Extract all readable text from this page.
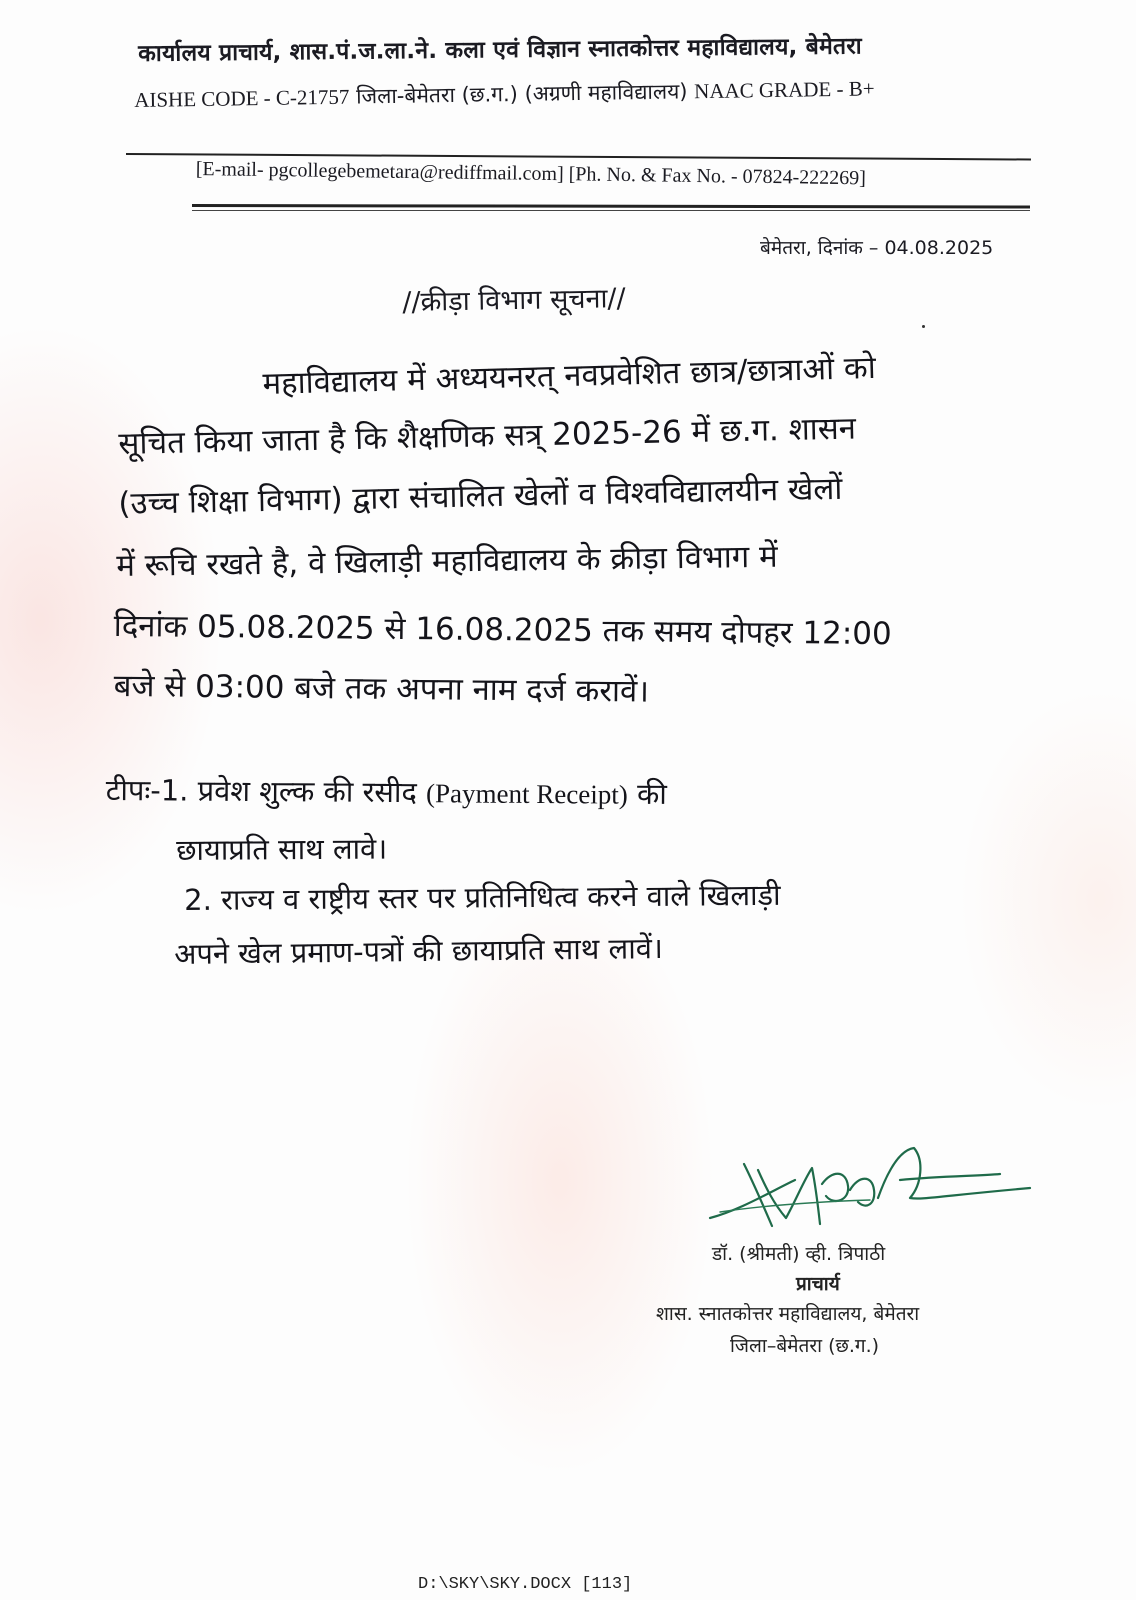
कार्यालय प्राचार्य, शास.पं.ज.ला.ने. कला एवं विज्ञान स्नातकोत्तर महाविद्यालय, बेमेतरा
AISHE CODE - C-21757 जिला-बेमेतरा (छ.ग.) (अग्रणी महाविद्यालय) NAAC GRADE - B+
[E-mail- pgcollegebemetara@rediffmail.com] [Ph. No. & Fax No. - 07824-222269]
बेमेतरा, दिनांक – 04.08.2025
//क्रीड़ा विभाग सूचना//
महाविद्यालय में अध्ययनरत् नवप्रवेशित छात्र/छात्राओं को
सूचित किया जाता है कि शैक्षणिक सत्र् 2025-26 में छ.ग. शासन
(उच्च शिक्षा विभाग) द्वारा संचालित खेलों व विश्वविद्यालयीन खेलों
में रूचि रखते है, वे खिलाड़ी महाविद्यालय के क्रीड़ा विभाग में
दिनांक 05.08.2025 से 16.08.2025 तक समय दोपहर 12:00
बजे से 03:00 बजे तक अपना नाम दर्ज करावें।
टीपः-1. प्रवेश शुल्क की रसीद (Payment Receipt) की
छायाप्रति साथ लावे।
2. राज्य व राष्ट्रीय स्तर पर प्रतिनिधित्व करने वाले खिलाड़ी
अपने खेल प्रमाण-पत्रों की छायाप्रति साथ लावें।
डॉ. (श्रीमती) व्ही. त्रिपाठी
प्राचार्य
शास. स्नातकोत्तर महाविद्यालय, बेमेतरा
जिला–बेमेतरा (छ.ग.)
D:\SKY\SKY.DOCX [113]
